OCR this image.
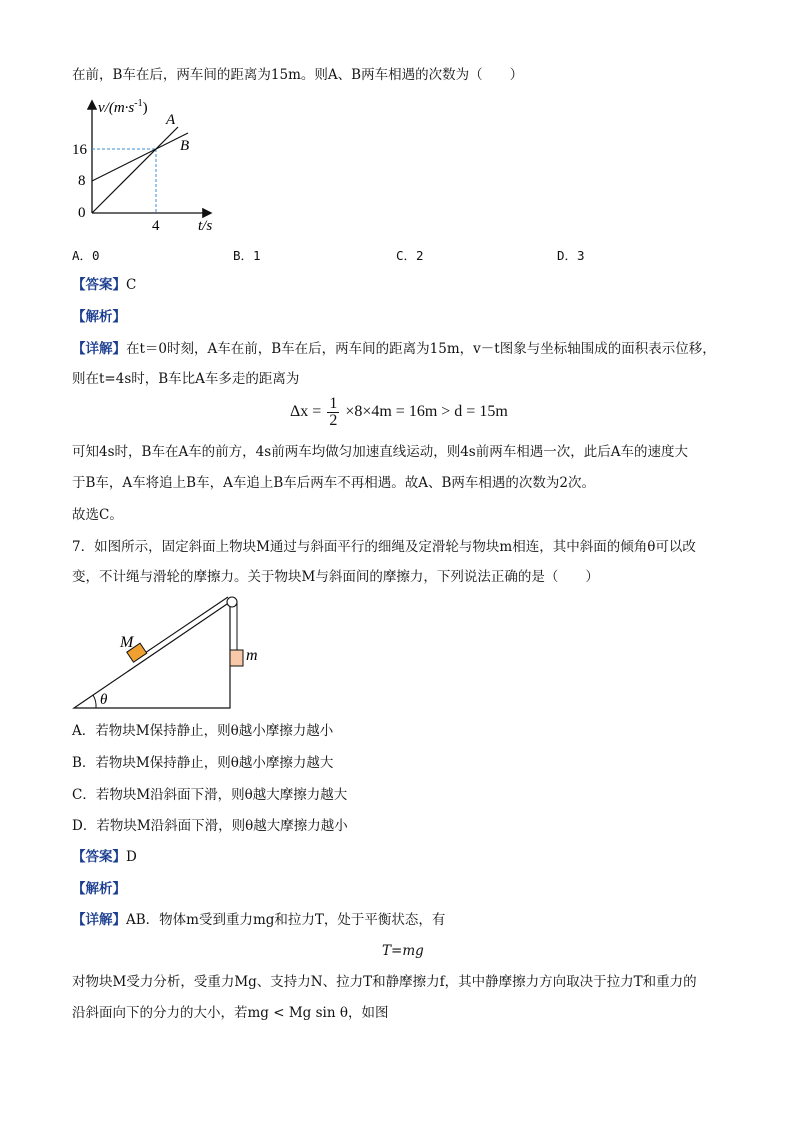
在前，B车在后，两车间的距离为15m。则A、B两车相遇的次数为（　　）
$v/(m\cdot s^{-1})$
A
B
16
8
0
4	t/s
A．0	B．1	C．2	D．3
【答案】C
【解析】
【详解】在t＝0时刻，A车在前，B车在后，两车间的距离为15m，v－t图象与坐标轴围成的面积表示位移，
则在t=4s时，B车比A车多走的距离为
$\Delta x = \frac{1}{2} \times 8\times 4m = 16m > d = 15m$
可知4s时，B车在A车的前方，4s前两车均做匀加速直线运动，则4s前两车相遇一次，此后A车的速度大
于B车，A车将追上B车，A车追上B车后两车不再相遇。故A、B两车相遇的次数为2次。
故选C。
7．如图所示，固定斜面上物块M通过与斜面平行的细绳及定滑轮与物块m相连，其中斜面的倾角θ可以改
变，不计绳与滑轮的摩擦力。关于物块M与斜面间的摩擦力，下列说法正确的是（　　）
M
m
θ
A．若物块M保持静止，则θ越小摩擦力越小
B．若物块M保持静止，则θ越小摩擦力越大
C．若物块M沿斜面下滑，则θ越大摩擦力越大
D．若物块M沿斜面下滑，则θ越大摩擦力越小
【答案】D
【解析】
【详解】AB．物体m受到重力mg和拉力T，处于平衡状态，有
T=mg
对物块M受力分析，受重力Mg、支持力N、拉力T和静摩擦力f，其中静摩擦力方向取决于拉力T和重力的
沿斜面向下的分力的大小，若mg < Mg sin θ，如图
